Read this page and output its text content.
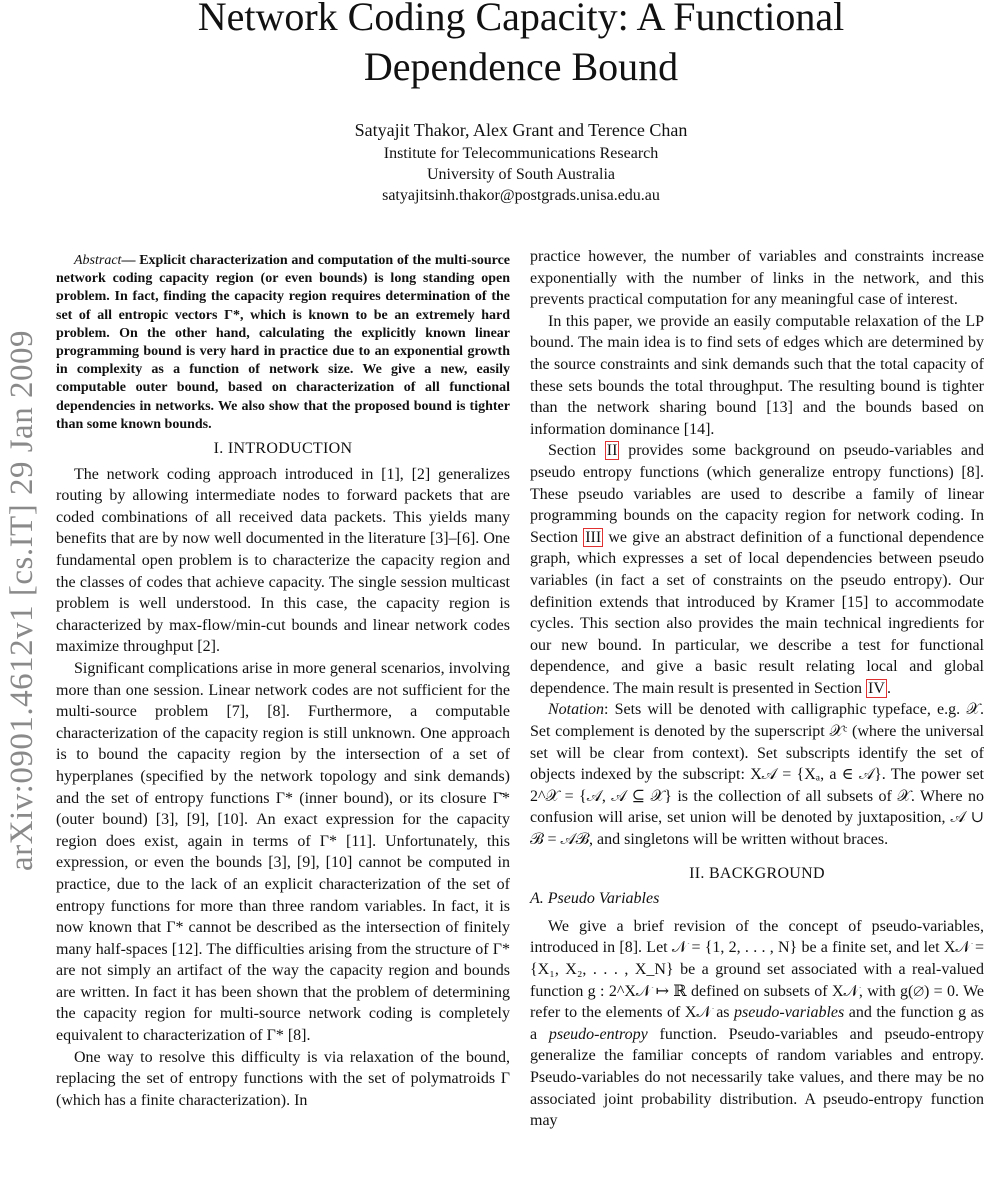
arXiv:0901.4612v1 [cs.IT] 29 Jan 2009
Network Coding Capacity: A Functional
Dependence Bound
Satyajit Thakor, Alex Grant and Terence Chan
Institute for Telecommunications Research
University of South Australia
satyajitsinh.thakor@postgrads.unisa.edu.au

Abstract— Explicit characterization and computation of the multi-source network coding capacity region (or even bounds) is long standing open problem. In fact, finding the capacity region requires determination of the set of all entropic vectors Γ*, which is known to be an extremely hard problem. On the other hand, calculating the explicitly known linear programming bound is very hard in practice due to an exponential growth in complexity as a function of network size. We give a new, easily computable outer bound, based on characterization of all functional dependencies in networks. We also show that the proposed bound is tighter than some known bounds.

I. INTRODUCTION

The network coding approach introduced in [1], [2] generalizes routing by allowing intermediate nodes to forward packets that are coded combinations of all received data packets. This yields many benefits that are by now well documented in the literature [3]–[6]. One fundamental open problem is to characterize the capacity region and the classes of codes that achieve capacity. The single session multicast problem is well understood. In this case, the capacity region is characterized by max-flow/min-cut bounds and linear network codes maximize throughput [2].

Significant complications arise in more general scenarios, involving more than one session. Linear network codes are not sufficient for the multi-source problem [7], [8]. Furthermore, a computable characterization of the capacity region is still unknown. One approach is to bound the capacity region by the intersection of a set of hyperplanes (specified by the network topology and sink demands) and the set of entropy functions Γ* (inner bound), or its closure Γ̄* (outer bound) [3], [9], [10]. An exact expression for the capacity region does exist, again in terms of Γ* [11]. Unfortunately, this expression, or even the bounds [3], [9], [10] cannot be computed in practice, due to the lack of an explicit characterization of the set of entropy functions for more than three random variables. In fact, it is now known that Γ* cannot be described as the intersection of finitely many half-spaces [12]. The difficulties arising from the structure of Γ* are not simply an artifact of the way the capacity region and bounds are written. In fact it has been shown that the problem of determining the capacity region for multi-source network coding is completely equivalent to characterization of Γ* [8].

One way to resolve this difficulty is via relaxation of the bound, replacing the set of entropy functions with the set of polymatroids Γ (which has a finite characterization). In

practice however, the number of variables and constraints increase exponentially with the number of links in the network, and this prevents practical computation for any meaningful case of interest.

In this paper, we provide an easily computable relaxation of the LP bound. The main idea is to find sets of edges which are determined by the source constraints and sink demands such that the total capacity of these sets bounds the total throughput. The resulting bound is tighter than the network sharing bound [13] and the bounds based on information dominance [14].

Section II provides some background on pseudo-variables and pseudo entropy functions (which generalize entropy functions) [8]. These pseudo variables are used to describe a family of linear programming bounds on the capacity region for network coding. In Section III we give an abstract definition of a functional dependence graph, which expresses a set of local dependencies between pseudo variables (in fact a set of constraints on the pseudo entropy). Our definition extends that introduced by Kramer [15] to accommodate cycles. This section also provides the main technical ingredients for our new bound. In particular, we describe a test for functional dependence, and give a basic result relating local and global dependence. The main result is presented in Section IV .

Notation: Sets will be denoted with calligraphic typeface, e.g. 𝒳. Set complement is denoted by the superscript 𝒳ᶜ (where the universal set will be clear from context). Set subscripts identify the set of objects indexed by the subscript: X𝒜 = {Xₐ, a ∈ 𝒜}. The power set 2^𝒳 = {𝒜, 𝒜 ⊆ 𝒳} is the collection of all subsets of 𝒳. Where no confusion will arise, set union will be denoted by juxtaposition, 𝒜 ∪ ℬ = 𝒜ℬ, and singletons will be written without braces.

II. BACKGROUND
A. Pseudo Variables

We give a brief revision of the concept of pseudo-variables, introduced in [8]. Let 𝒩 = {1, 2, . . . , N} be a finite set, and let X𝒩 = {X₁, X₂, . . . , X_N} be a ground set associated with a real-valued function g : 2^X𝒩 ↦ ℝ defined on subsets of X𝒩, with g(∅) = 0. We refer to the elements of X𝒩 as pseudo-variables and the function g as a pseudo-entropy function. Pseudo-variables and pseudo-entropy generalize the familiar concepts of random variables and entropy. Pseudo-variables do not necessarily take values, and there may be no associated joint probability distribution. A pseudo-entropy function may
